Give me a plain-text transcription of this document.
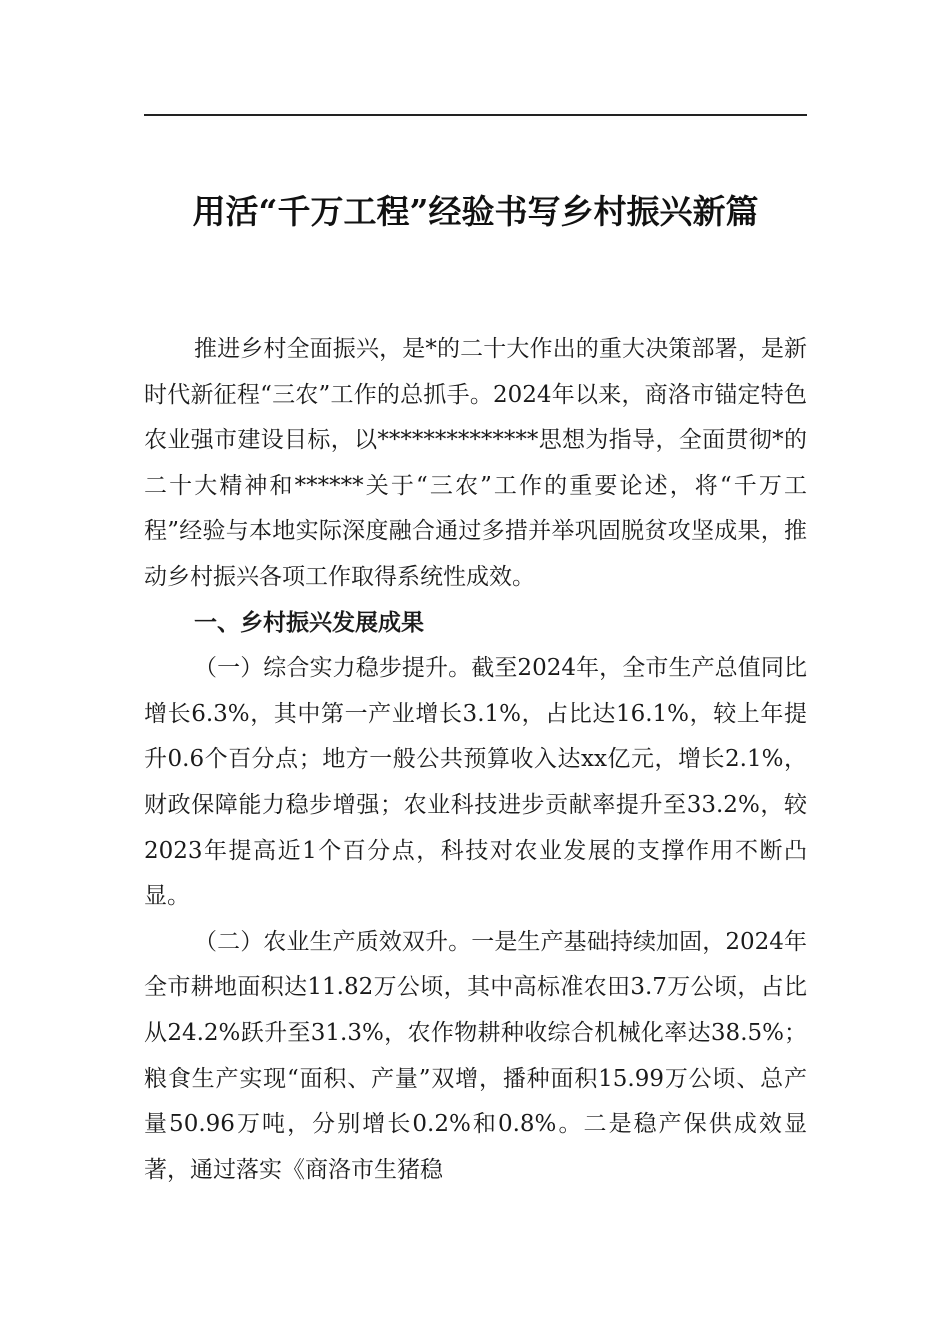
用活“千万工程”经验书写乡村振兴新篇

推进乡村全面振兴，是*的二十大作出的重大决策部署，是新时代新征程“三农”工作的总抓手。2024年以来，商洛市锚定特色农业强市建设目标，以**************思想为指导，全面贯彻*的二十大精神和******关于“三农”工作的重要论述，将“千万工程”经验与本地实际深度融合通过多措并举巩固脱贫攻坚成果，推动乡村振兴各项工作取得系统性成效。

一、乡村振兴发展成果

（一）综合实力稳步提升。截至2024年，全市生产总值同比增长6.3%，其中第一产业增长3.1%，占比达16.1%，较上年提升0.6个百分点；地方一般公共预算收入达xx亿元，增长2.1%，财政保障能力稳步增强；农业科技进步贡献率提升至33.2%，较2023年提高近1个百分点，科技对农业发展的支撑作用不断凸显。

（二）农业生产质效双升。一是生产基础持续加固，2024年全市耕地面积达11.82万公顷，其中高标准农田3.7万公顷，占比从24.2%跃升至31.3%，农作物耕种收综合机械化率达38.5%；粮食生产实现“面积、产量”双增，播种面积15.99万公顷、总产量50.96万吨，分别增长0.2%和0.8%。二是稳产保供成效显著，通过落实《商洛市生猪稳
